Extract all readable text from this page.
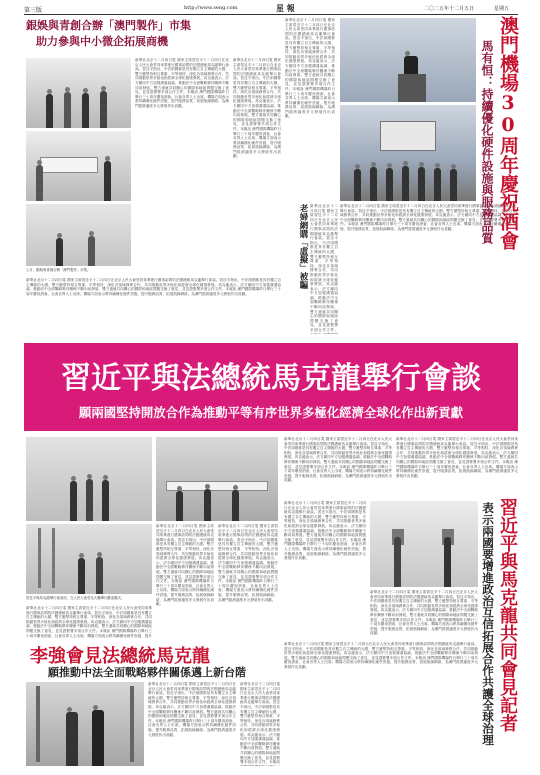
第三版	http://www.seng.com	星 報	二〇二五年十二月五日	星期五
銀娛與青創合辦「澳門製作」市集
助力參與中小微企拓展商機
上月，銀娛與青創合辦「澳門製作」市集。
新華社北京十二月四日電 國家主席習近平十二月四日在北京人民大會堂同來華進行國事訪問的法國總統馬克龍舉行會談。習近平指出，中法兩國都是具有獨立自主傳統的大國，雙方應堅持相互尊重、平等相待，深化各領域務實合作，共同推動世界多極化和經濟全球化健康發展。馬克龍表示，法方願同中方加強溝通協調，推動法中全面戰略夥伴關係不斷向前發展。雙方還就共同關心的國際和地區問題交換了意見，並見證簽署多項合作文件。本報訊 澳門國際機場昨日舉行三十周年慶祝酒會，社會各界人士出席。機場方面表示將持續優化硬件設施，提升服務品質，拓展航線網絡，為澳門經濟適度多元發展作出貢獻。
新華社北京十二月四日電 國家主席習近平十二月四日在北京人民大會堂同來華進行國事訪問的法國總統馬克龍舉行會談。習近平指出，中法兩國都是具有獨立自主傳統的大國，雙方應堅持相互尊重、平等相待，深化各領域務實合作，共同推動世界多極化和經濟全球化健康發展。馬克龍表示，法方願同中方加強溝通協調，推動法中全面戰略夥伴關係不斷向前發展。雙方還就共同關心的國際和地區問題交換了意見，並見證簽署多項合作文件。本報訊 澳門國際機場昨日舉行三十周年慶祝酒會，社會各界人士出席。機場方面表示將持續優化硬件設施，提升服務品質，拓展航線網絡，為澳門經濟適度多元發展作出貢獻。
新華社北京十二月四日電 國家主席習近平十二月四日在北京人民大會堂同來華進行國事訪問的法國總統馬克龍舉行會談。習近平指出，中法兩國都是具有獨立自主傳統的大國，雙方應堅持相互尊重、平等相待，深化各領域務實合作，共同推動世界多極化和經濟全球化健康發展。馬克龍表示，法方願同中方加強溝通協調，推動法中全面戰略夥伴關係不斷向前發展。雙方還就共同關心的國際和地區問題交換了意見，並見證簽署多項合作文件。本報訊 澳門國際機場昨日舉行三十周年慶祝酒會，社會各界人士出席。機場方面表示將持續優化硬件設施，提升服務品質，拓展航線網絡，為澳門經濟適度多元發展作出貢獻。
新華社北京十二月四日電 國家主席習近平十二月四日在北京人民大會堂同來華進行國事訪問的法國總統馬克龍舉行會談。習近平指出，中法兩國都是具有獨立自主傳統的大國，雙方應堅持相互尊重、平等相待，深化各領域務實合作，共同推動世界多極化和經濟全球化健康發展。馬克龍表示，法方願同中方加強溝通協調，推動法中全面戰略夥伴關係不斷向前發展。雙方還就共同關心的國際和地區問題交換了意見，並見證簽署多項合作文件。本報訊 澳門國際機場昨日舉行三十周年慶祝酒會，社會各界人士出席。機場方面表示將持續優化硬件設施，提升服務品質，拓展航線網絡，為澳門經濟適度多元發展作出貢獻。
老婦網購「虛擬」被騙 新華社北京十二月四日電 國家主席習近平十二月四日在北京人民大會堂同來華進行國事訪問的法國總統馬克龍舉行會談。習近平指出，中法兩國都是具有獨立自主傳統的大國，雙方應堅持相互尊重、平等相待，深化各領域務實合作，共同推動世界多極化和經濟全球化健康發展。馬克龍表示，法方願同中方加強溝通協調，推動法中全面戰略夥伴關係不斷向前發展。雙方還就共同關心的國際和地區問題交換了意見，並見證簽署多項合作文件。
新華社北京十二月四日電 國家主席習近平十二月四日在北京人民大會堂同來華進行國事訪問的法國總統馬克龍舉行會談。習近平指出，中法兩國都是具有獨立自主傳統的大國，雙方應堅持相互尊重、平等相待，深化各領域務實合作，共同推動世界多極化和經濟全球化健康發展。馬克龍表示，法方願同中方加強溝通協調，推動法中全面戰略夥伴關係不斷向前發展。雙方還就共同關心的國際和地區問題交換了意見，並見證簽署多項合作文件。本報訊 澳門國際機場昨日舉行三十周年慶祝酒會，社會各界人士出席。機場方面表示將持續優化硬件設施，提升服務品質，拓展航線網絡，為澳門經濟適度多元發展作出貢獻。	澳門機場30周年慶祝酒會
馬有恒：持續優化硬件設施與服務品質
習近平與法總統馬克龍舉行會談
願兩國堅持開放合作為推動平等有序世界多極化經濟全球化作出新貢獻
習近平與馬克龍舉行會談前，在人民大會堂北大廳舉行歡迎儀式。
新華社北京十二月四日電 國家主席習近平十二月四日在北京人民大會堂同來華進行國事訪問的法國總統馬克龍舉行會談。習近平指出，中法兩國都是具有獨立自主傳統的大國，雙方應堅持相互尊重、平等相待，深化各領域務實合作，共同推動世界多極化和經濟全球化健康發展。馬克龍表示，法方願同中方加強溝通協調，推動法中全面戰略夥伴關係不斷向前發展。雙方還就共同關心的國際和地區問題交換了意見，並見證簽署多項合作文件。本報訊 澳門國際機場昨日舉行三十周年慶祝酒會，社會各界人士出席。機場方面表示將持續優化硬件設施，提升
新華社北京十二月四日電 國家主席習近平十二月四日在北京人民大會堂同來華進行國事訪問的法國總統馬克龍舉行會談。習近平指出，中法兩國都是具有獨立自主傳統的大國，雙方應堅持相互尊重、平等相待，深化各領域務實合作，共同推動世界多極化和經濟全球化健康發展。馬克龍表示，法方願同中方加強溝通協調，推動法中全面戰略夥伴關係不斷向前發展。雙方還就共同關心的國際和地區問題交換了意見，並見證簽署多項合作文件。本報訊 澳門國際機場昨日舉行三十周年慶祝酒會，社會各界人士出席。機場方面表示將持續優化硬件設施，提升服務品質，拓展航線網絡，為澳門經濟適度多元發展作出貢獻。
新華社北京十二月四日電 國家主席習近平十二月四日在北京人民大會堂同來華進行國事訪問的法國總統馬克龍舉行會談。習近平指出，中法兩國都是具有獨立自主傳統的大國，雙方應堅持相互尊重、平等相待，深化各領域務實合作，共同推動世界多極化和經濟全球化健康發展。馬克龍表示，法方願同中方加強溝通協調，推動法中全面戰略夥伴關係不斷向前發展。雙方還就共同關心的國際和地區問題交換了意見，並見證簽署多項合作文件。本報訊 澳門國際機場昨日舉行三十周年慶祝酒會，社會各界人士出席。機場方面表示將持續優化硬件設施，提升服務品質，拓展航線網絡，為澳門經濟適度多元發展作出貢獻。
新華社北京十二月四日電 國家主席習近平十二月四日在北京人民大會堂同來華進行國事訪問的法國總統馬克龍舉行會談。習近平指出，中法兩國都是具有獨立自主傳統的大國，雙方應堅持相互尊重、平等相待，深化各領域務實合作，共同推動世界多極化和經濟全球化健康發展。馬克龍表示，法方願同中方加強溝通協調，推動法中全面戰略夥伴關係不斷向前發展。雙方還就共同關心的國際和地區問題交換了意見，並見證簽署多項合作文件。本報訊 澳門國際機場昨日舉行三十周年慶祝酒會，社會各界人士出席。機場方面表示將持續優化硬件設施，提升服務品質，拓展航線網絡，為澳門經濟適度多元發展作出貢獻。
新華社北京十二月四日電 國家主席習近平十二月四日在北京人民大會堂同來華進行國事訪問的法國總統馬克龍舉行會談。習近平指出，中法兩國都是具有獨立自主傳統的大國，雙方應堅持相互尊重、平等相待，深化各領域務實合作，共同推動世界多極化和經濟全球化健康發展。馬克龍表示，法方願同中方加強溝通協調，推動法中全面戰略夥伴關係不斷向前發展。雙方還就共同關心的國際和地區問題交換了意見，並見證簽署多項合作文件。本報訊 澳門國際機場昨日舉行三十周年慶祝酒會，社會各界人士出席。機場方面表示將持續優化硬件設施，提升服務品質，拓展航線網絡，為澳門經濟適度多元發展作出貢獻。
新華社北京十二月四日電 國家主席習近平十二月四日在北京人民大會堂同來華進行國事訪問的法國總統馬克龍舉行會談。習近平指出，中法兩國都是具有獨立自主傳統的大國，雙方應堅持相互尊重、平等相待，深化各領域務實合作，共同推動世界多極化和經濟全球化健康發展。馬克龍表示，法方願同中方加強溝通協調，推動法中全面戰略夥伴關係不斷向前發展。雙方還就共同關心的國際和地區問題交換了意見，並見證簽署多項合作文件。本報訊 澳門國際機場昨日舉行三十周年慶祝酒會，社會各界人士出席。機場方面表示將持續優化硬件設施，提升服務品質，拓展航線網絡，為澳門經濟適度多元發展作出貢獻。
新華社北京十二月四日電 國家主席習近平十二月四日在北京人民大會堂同來華進行國事訪問的法國總統馬克龍舉行會談。習近平指出，中法兩國都是具有獨立自主傳統的大國，雙方應堅持相互尊重、平等相待，深化各領域務實合作，共同推動世界多極化和經濟全球化健康發展。馬克龍表示，法方願同中方加強溝通協調，推動法中全面戰略夥伴關係不斷向前發展。雙方還就共同關心的國際和地區問題交換了意見，並見證簽署多項合作文件。本報訊 澳門國際機場昨日舉行三十周年慶祝酒會，社會各界人士出席。機場方面表示將持續優化硬件設施，提升服務品質，拓展航線網絡，為澳門經濟適度多元發展作出貢獻。	習近平與馬克龍共同會見記者
表示兩國要增進政治互信拓展合作共護全球治理
李強會見法總統馬克龍
願推動中法全面戰略夥伴關係邁上新台階
新華社北京十二月四日電 國家主席習近平十二月四日在北京人民大會堂同來華進行國事訪問的法國總統馬克龍舉行會談。習近平指出，中法兩國都是具有獨立自主傳統的大國，雙方應堅持相互尊重、平等相待，深化各領域務實合作，共同推動世界多極化和經濟全球化健康發展。馬克龍表示，法方願同中方加強溝通協調，推動法中全面戰略夥伴關係不斷向前發展。雙方還就共同關心的國際和地區問題交換了意見，並見證簽署多項合作文件。本報訊 澳門國際機場昨日舉行三十周年慶祝酒會，社會各界人士出席。機場方面表示將持續優化硬件設施，提升服務品質，拓展航線網絡，為澳門經濟適度多元發展作出貢獻。
新華社北京十二月四日電 國家主席習近平十二月四日在北京人民大會堂同來華進行國事訪問的法國總統馬克龍舉行會談。習近平指出，中法兩國都是具有獨立自主傳統的大國，雙方應堅持相互尊重、平等相待，深化各領域務實合作，共同推動世界多極化和經濟全球化健康發展。馬克龍表示，法方願同中方加強溝通協調，推動法中全面戰略夥伴關係不斷向前發展。雙方還就共同關心的國際和地區問題交換了意見，並見證簽署多項合作文件。本報訊
新華社北京十二月四日電 國家主席習近平十二月四日在北京人民大會堂同來華進行國事訪問的法國總統馬克龍舉行會談。習近平指出，中法兩國都是具有獨立自主傳統的大國，雙方應堅持相互尊重、平等相待，深化各領域務實合作，共同推動世界多極化和經濟全球化健康發展。馬克龍表示，法方願同中方加強溝通協調，推動法中全面戰略夥伴關係不斷向前發展。雙方還就共同關心的國際和地區問題交換了意見，並見證簽署多項合作文件。本報訊 澳門國際機場昨日舉行三十周年慶祝酒會，社會各界人士出席。機場方面表示將持續優化硬件設施，提升服務品質，拓展航線網絡，為澳門經濟適度多元發展作出貢獻。
